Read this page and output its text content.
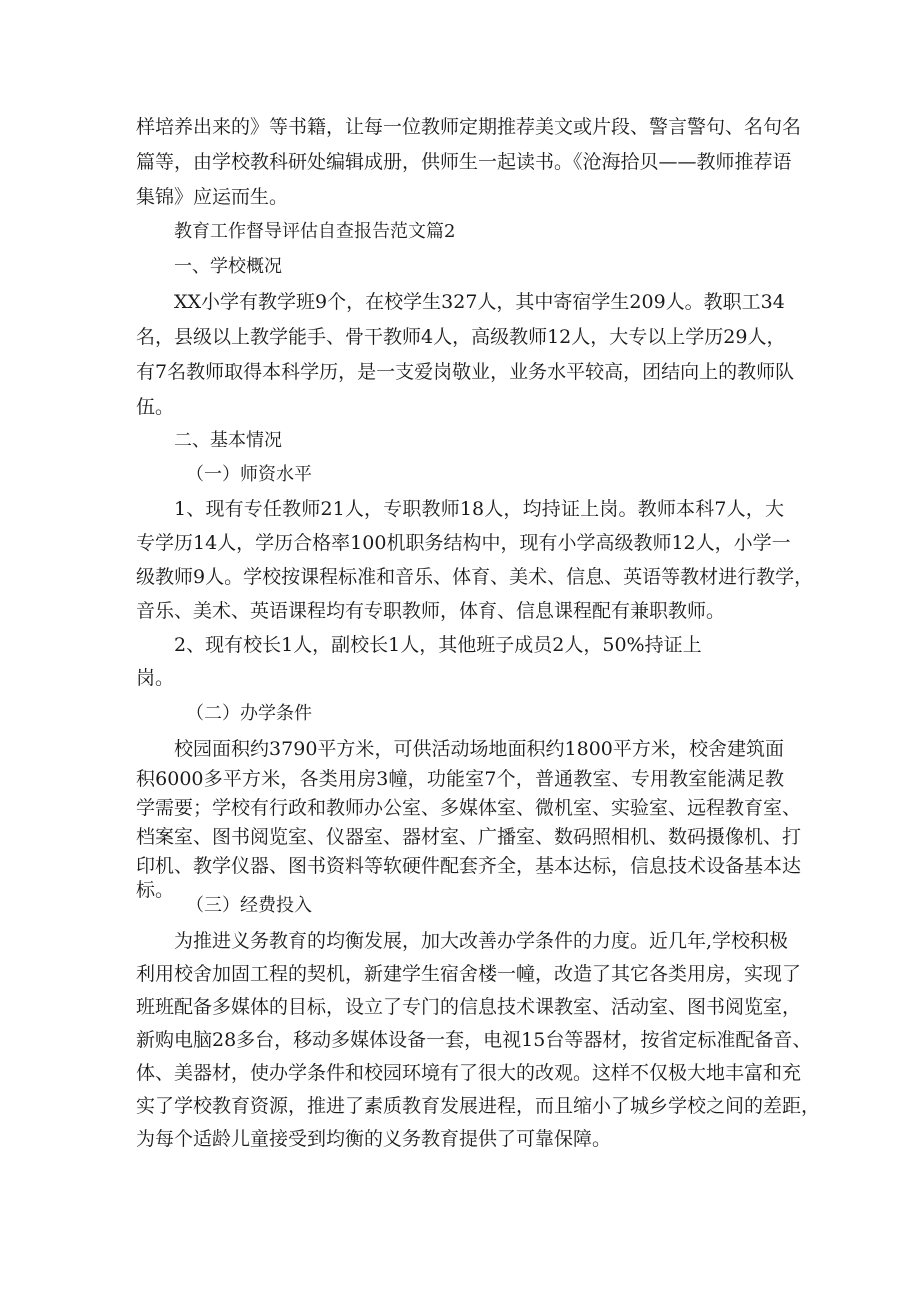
样培养出来的》等书籍，让每一位教师定期推荐美文或片段、警言警句、名句名
篇等，由学校教科研处编辑成册，供师生一起读书。《沧海拾贝——教师推荐语
集锦》应运而生。
教育工作督导评估自查报告范文篇2
一、学校概况
XX小学有教学班9个，在校学生327人，其中寄宿学生209人。教职工34
名，县级以上教学能手、骨干教师4人，高级教师12人，大专以上学历29人，
有7名教师取得本科学历，是一支爱岗敬业，业务水平较高，团结向上的教师队
伍。
二、基本情况
（一）师资水平
1、现有专任教师21人，专职教师18人，均持证上岗。教师本科7人，大
专学历14人，学历合格率100机职务结构中，现有小学高级教师12人，小学一
级教师9人。学校按课程标准和音乐、体育、美术、信息、英语等教材进行教学，
音乐、美术、英语课程均有专职教师，体育、信息课程配有兼职教师。
2、现有校长1人，副校长1人，其他班子成员2人，50%持证上
岗。
（二）办学条件
校园面积约3790平方米，可供活动场地面积约1800平方米，校舍建筑面
积6000多平方米，各类用房3幢，功能室7个，普通教室、专用教室能满足教
学需要；学校有行政和教师办公室、多媒体室、微机室、实验室、远程教育室、
档案室、图书阅览室、仪器室、器材室、广播室、数码照相机、数码摄像机、打
印机、教学仪器、图书资料等软硬件配套齐全，基本达标，信息技术设备基本达
标。
（三）经费投入
为推进义务教育的均衡发展，加大改善办学条件的力度。近几年,学校积极
利用校舍加固工程的契机，新建学生宿舍楼一幢，改造了其它各类用房，实现了
班班配备多媒体的目标，设立了专门的信息技术课教室、活动室、图书阅览室，
新购电脑28多台，移动多媒体设备一套，电视15台等器材，按省定标准配备音、
体、美器材，使办学条件和校园环境有了很大的改观。这样不仅极大地丰富和充
实了学校教育资源，推进了素质教育发展进程，而且缩小了城乡学校之间的差距，
为每个适龄儿童接受到均衡的义务教育提供了可靠保障。
